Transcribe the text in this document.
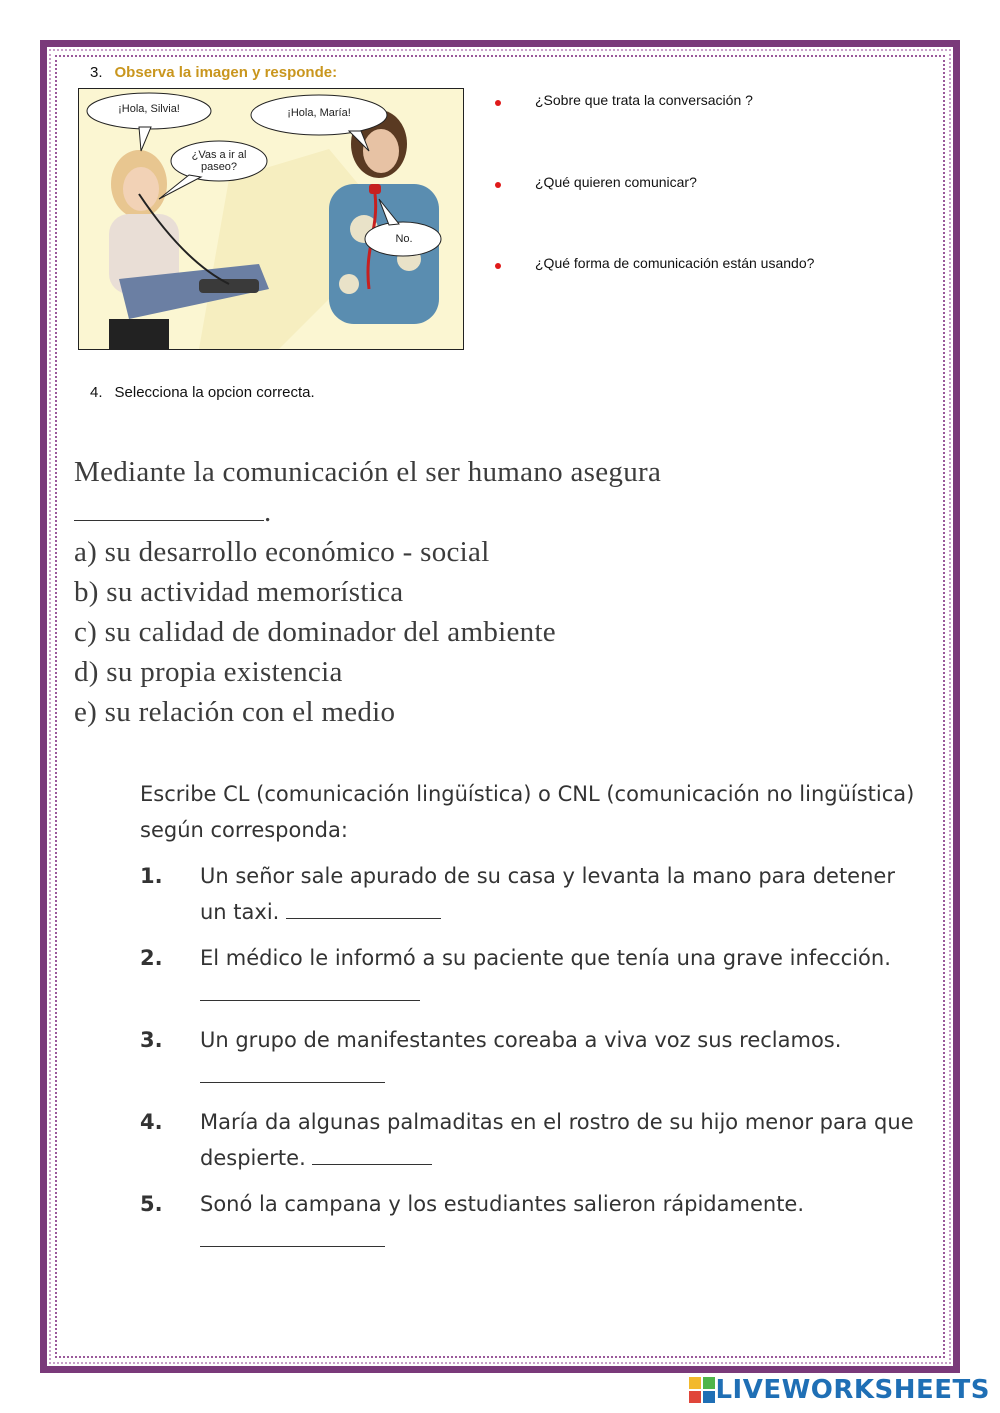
3. Observa la imagen y responde:
¡Hola, Silvia!	¡Hola, María!
¿Vas a ir al paseo?
No.
¿Sobre que trata la conversación ?
¿Qué quieren comunicar?
¿Qué forma de comunicación están usando?
4. Selecciona la opcion correcta.
Mediante la comunicación el ser humano asegura
.
a) su desarrollo económico - social
b) su actividad memorística
c) su calidad de dominador del ambiente
d) su propia existencia
e) su relación con el medio
Escribe CL (comunicación lingüística) o CNL (comunicación no lingüística) según corresponda:
1. Un señor sale apurado de su casa y levanta la mano para detener un taxi.
2. El médico le informó a su paciente que tenía una grave infección.
3. Un grupo de manifestantes coreaba a viva voz sus reclamos.
4. María da algunas palmaditas en el rostro de su hijo menor para que despierte.
5. Sonó la campana y los estudiantes salieron rápidamente.
LIVEWORKSHEETS
